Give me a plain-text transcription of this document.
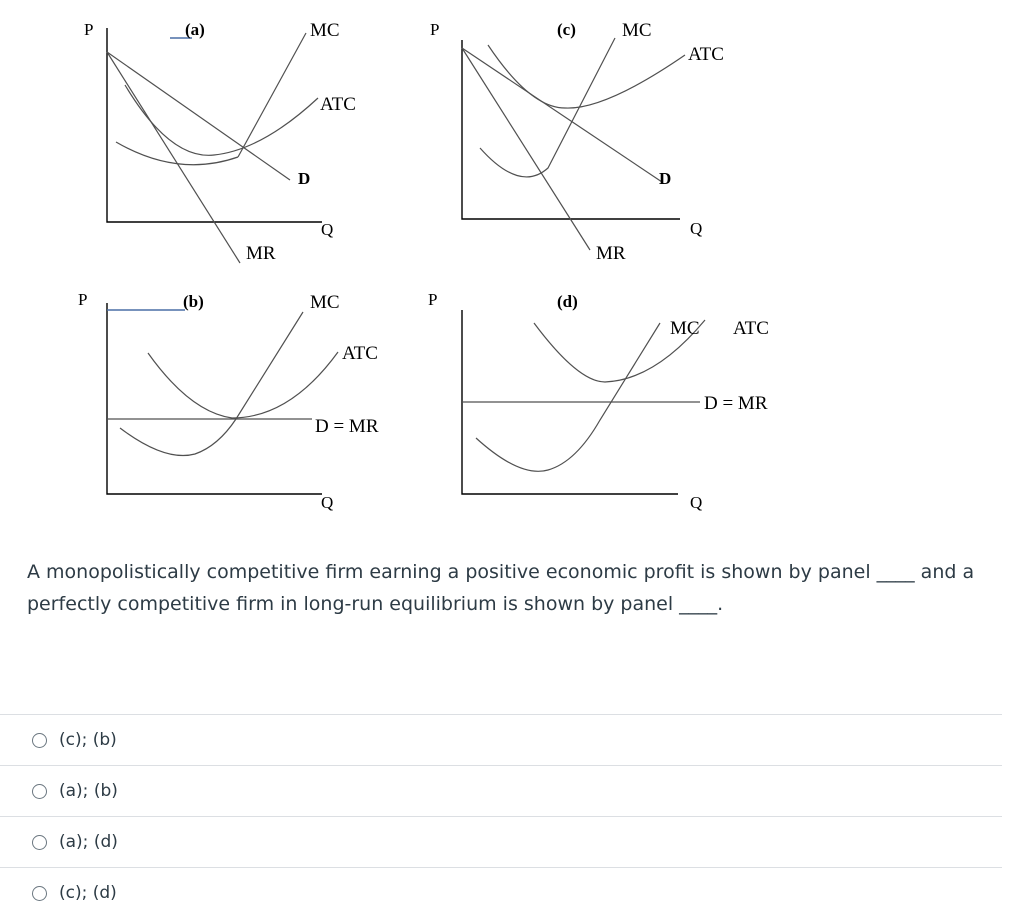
P
Q
(a)	MC
ATC
D
MR
P
Q
(c) MC
ATC
D
MR
P
Q
(b)	MC
ATC
D = MR
P
Q
(d)
MC ATC
D = MR

A monopolistically competitive firm earning a positive economic profit is shown by panel ____ and a perfectly competitive firm in long-run equilibrium is shown by panel ____.

(c); (b)
(a); (b)
(a); (d)
(c); (d)
